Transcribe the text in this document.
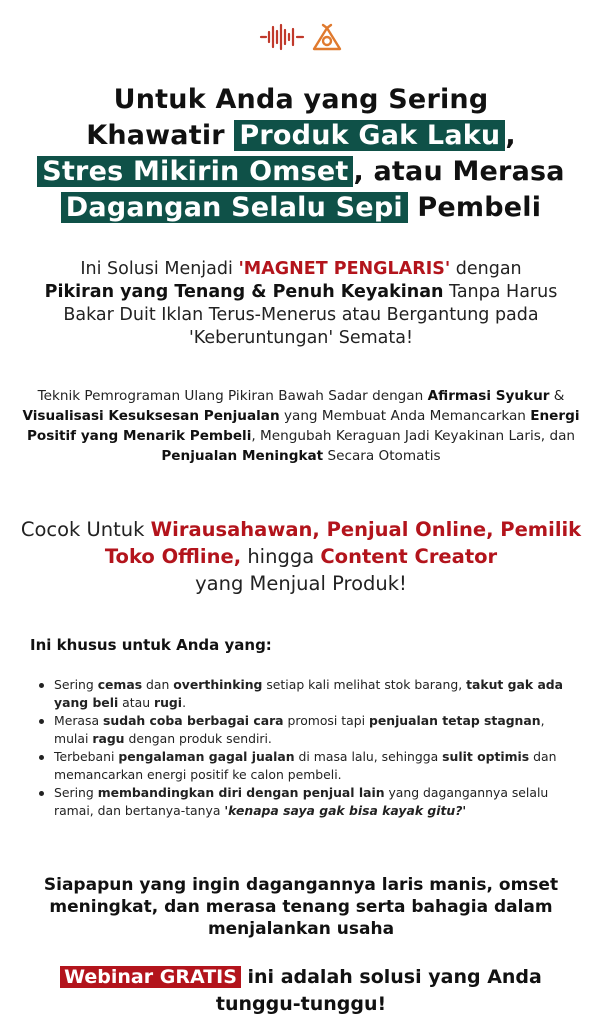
Untuk Anda yang Sering
Khawatir Produk Gak Laku ,
Stres Mikirin Omset , atau Merasa
Dagangan Selalu Sepi Pembeli
Ini Solusi Menjadi 'MAGNET PENGLARIS' dengan
Pikiran yang Tenang & Penuh Keyakinan Tanpa Harus Bakar Duit Iklan Terus-Menerus atau Bergantung pada 'Keberuntungan' Semata!
Teknik Pemrograman Ulang Pikiran Bawah Sadar dengan Afirmasi Syukur & Visualisasi Kesuksesan Penjualan yang Membuat Anda Memancarkan Energi Positif yang Menarik Pembeli, Mengubah Keraguan Jadi Keyakinan Laris, dan Penjualan Meningkat Secara Otomatis
Cocok Untuk Wirausahawan, Penjual Online, Pemilik Toko Offline, hingga Content Creator
yang Menjual Produk!
Ini khusus untuk Anda yang:
Sering cemas dan overthinking setiap kali melihat stok barang, takut gak ada yang beli atau rugi.
Merasa sudah coba berbagai cara promosi tapi penjualan tetap stagnan, mulai ragu dengan produk sendiri.
Terbebani pengalaman gagal jualan di masa lalu, sehingga sulit optimis dan memancarkan energi positif ke calon pembeli.
Sering membandingkan diri dengan penjual lain yang dagangannya selalu ramai, dan bertanya-tanya 'kenapa saya gak bisa kayak gitu?'
Siapapun yang ingin dagangannya laris manis, omset meningkat, dan merasa tenang serta bahagia dalam menjalankan usaha
Webinar GRATIS ini adalah solusi yang Anda tunggu-tunggu!
